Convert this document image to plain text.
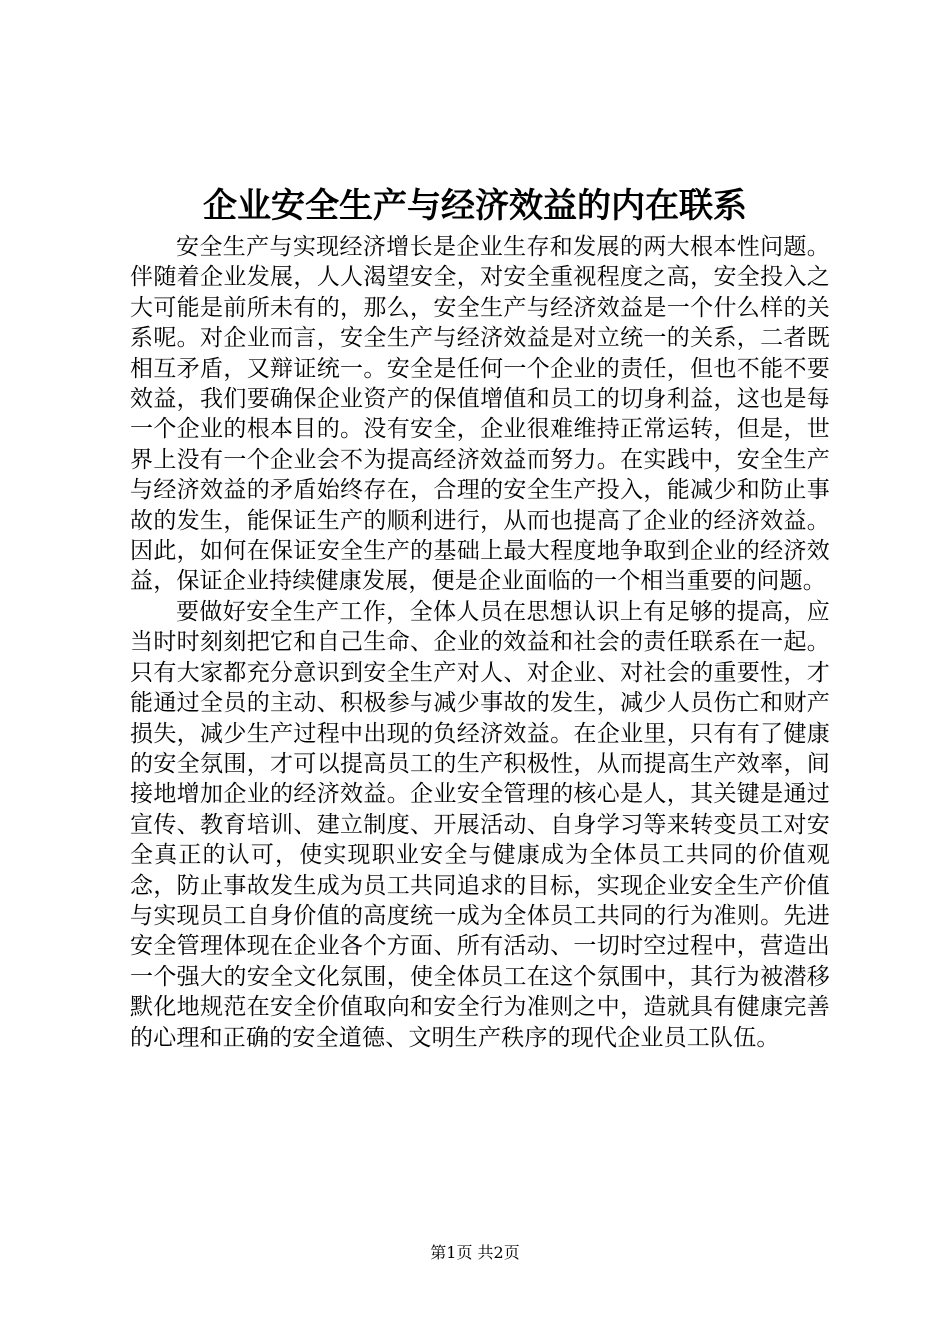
企业安全生产与经济效益的内在联系

安全生产与实现经济增长是企业生存和发展的两大根本性问题。伴随着企业发展，人人渴望安全，对安全重视程度之高，安全投入之大可能是前所未有的，那么，安全生产与经济效益是一个什么样的关系呢。对企业而言，安全生产与经济效益是对立统一的关系，二者既相互矛盾，又辩证统一。安全是任何一个企业的责任，但也不能不要效益，我们要确保企业资产的保值增值和员工的切身利益，这也是每一个企业的根本目的。没有安全，企业很难维持正常运转，但是，世界上没有一个企业会不为提高经济效益而努力。在实践中，安全生产与经济效益的矛盾始终存在，合理的安全生产投入，能减少和防止事故的发生，能保证生产的顺利进行，从而也提高了企业的经济效益。因此，如何在保证安全生产的基础上最大程度地争取到企业的经济效益，保证企业持续健康发展，便是企业面临的一个相当重要的问题。

要做好安全生产工作，全体人员在思想认识上有足够的提高，应当时时刻刻把它和自己生命、企业的效益和社会的责任联系在一起。只有大家都充分意识到安全生产对人、对企业、对社会的重要性，才能通过全员的主动、积极参与减少事故的发生，减少人员伤亡和财产损失，减少生产过程中出现的负经济效益。在企业里，只有有了健康的安全氛围，才可以提高员工的生产积极性，从而提高生产效率，间接地增加企业的经济效益。企业安全管理的核心是人，其关键是通过宣传、教育培训、建立制度、开展活动、自身学习等来转变员工对安全真正的认可，使实现职业安全与健康成为全体员工共同的价值观念，防止事故发生成为员工共同追求的目标，实现企业安全生产价值与实现员工自身价值的高度统一成为全体员工共同的行为准则。先进安全管理体现在企业各个方面、所有活动、一切时空过程中，营造出一个强大的安全文化氛围，使全体员工在这个氛围中，其行为被潜移默化地规范在安全价值取向和安全行为准则之中，造就具有健康完善的心理和正确的安全道德、文明生产秩序的现代企业员工队伍。

第1页 共2页
